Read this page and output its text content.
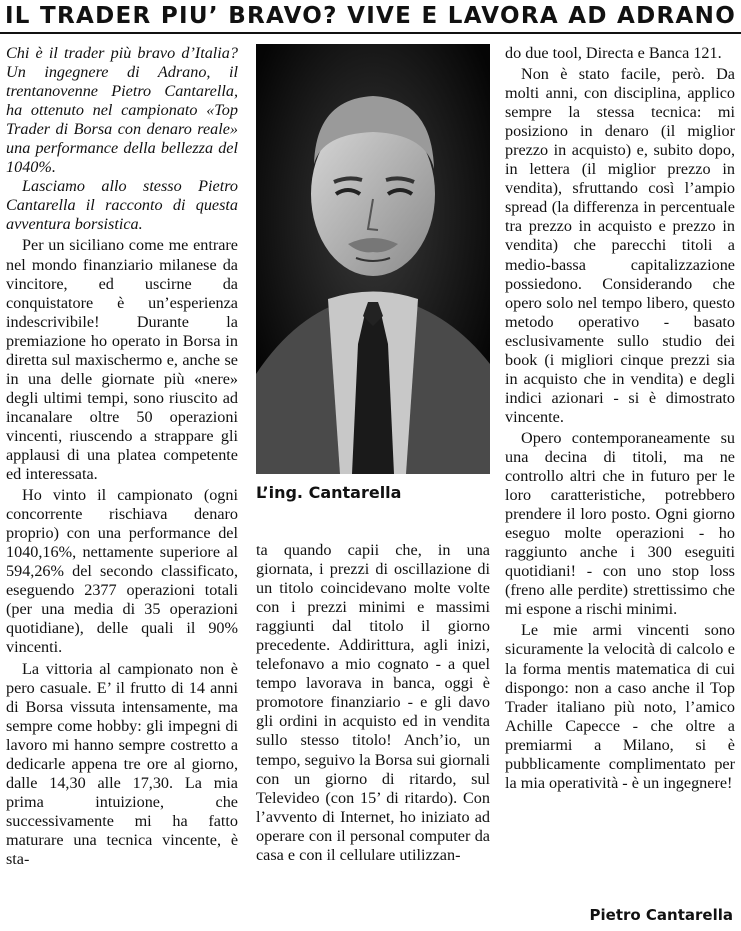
IL TRADER PIU’ BRAVO? VIVE E LAVORA AD ADRANO

Chi è il trader più bravo d’Italia? Un ingegnere di Adrano, il trentanovenne Pietro Cantarella, ha ottenuto nel campionato «Top Trader di Borsa con denaro reale» una performance della bellezza del 1040%.

Lasciamo allo stesso Pietro Cantarella il racconto di questa avventura borsistica.

Per un siciliano come me entrare nel mondo finanziario milanese da vincitore, ed uscirne da conquistatore è un’esperienza indescrivibile! Durante la premiazione ho operato in Borsa in diretta sul maxischermo e, anche se in una delle giornate più «nere» degli ultimi tempi, sono riuscito ad incanalare oltre 50 operazioni vincenti, riuscendo a strappare gli applausi di una platea competente ed interessata.

Ho vinto il campionato (ogni concorrente rischiava denaro proprio) con una performance del 1040,16%, nettamente superiore al 594,26% del secondo classificato, eseguendo 2377 operazioni totali (per una media di 35 operazioni quotidiane), delle quali il 90% vincenti.

La vittoria al campionato non è pero casuale. E’ il frutto di 14 anni di Borsa vissuta intensamente, ma sempre come hobby: gli impegni di lavoro mi hanno sempre costretto a dedicarle appena tre ore al giorno, dalle 14,30 alle 17,30. La mia prima intuizione, che successivamente mi ha fatto maturare una tecnica vincente, è sta-

L’ing. Cantarella

ta quando capii che, in una giornata, i prezzi di oscillazione di un titolo coincidevano molte volte con i prezzi minimi e massimi raggiunti dal titolo il giorno precedente. Addirittura, agli inizi, telefonavo a mio cognato - a quel tempo lavorava in banca, oggi è promotore finanziario - e gli davo gli ordini in acquisto ed in vendita sullo stesso titolo! Anch’io, un tempo, seguivo la Borsa sui giornali con un giorno di ritardo, sul Televideo (con 15’ di ritardo). Con l’avvento di Internet, ho iniziato ad operare con il personal computer da casa e con il cellulare utilizzan-

do due tool, Directa e Banca 121.

Non è stato facile, però. Da molti anni, con disciplina, applico sempre la stessa tecnica: mi posiziono in denaro (il miglior prezzo in acquisto) e, subito dopo, in lettera (il miglior prezzo in vendita), sfruttando così l’ampio spread (la differenza in percentuale tra prezzo in acquisto e prezzo in vendita) che parecchi titoli a medio-bassa capitalizzazione possiedono. Considerando che opero solo nel tempo libero, questo metodo operativo - basato esclusivamente sullo studio dei book (i migliori cinque prezzi sia in acquisto che in vendita) e degli indici azionari - si è dimostrato vincente.

Opero contemporaneamente su una decina di titoli, ma ne controllo altri che in futuro per le loro caratteristiche, potrebbero prendere il loro posto. Ogni giorno eseguo molte operazioni - ho raggiunto anche i 300 eseguiti quotidiani! - con uno stop loss (freno alle perdite) strettissimo che mi espone a rischi minimi.

Le mie armi vincenti sono sicuramente la velocità di calcolo e la forma mentis matematica di cui dispongo: non a caso anche il Top Trader italiano più noto, l’amico Achille Capecce - che oltre a premiarmi a Milano, si è pubblicamente complimentato per la mia operatività - è un ingegnere!

Pietro Cantarella
